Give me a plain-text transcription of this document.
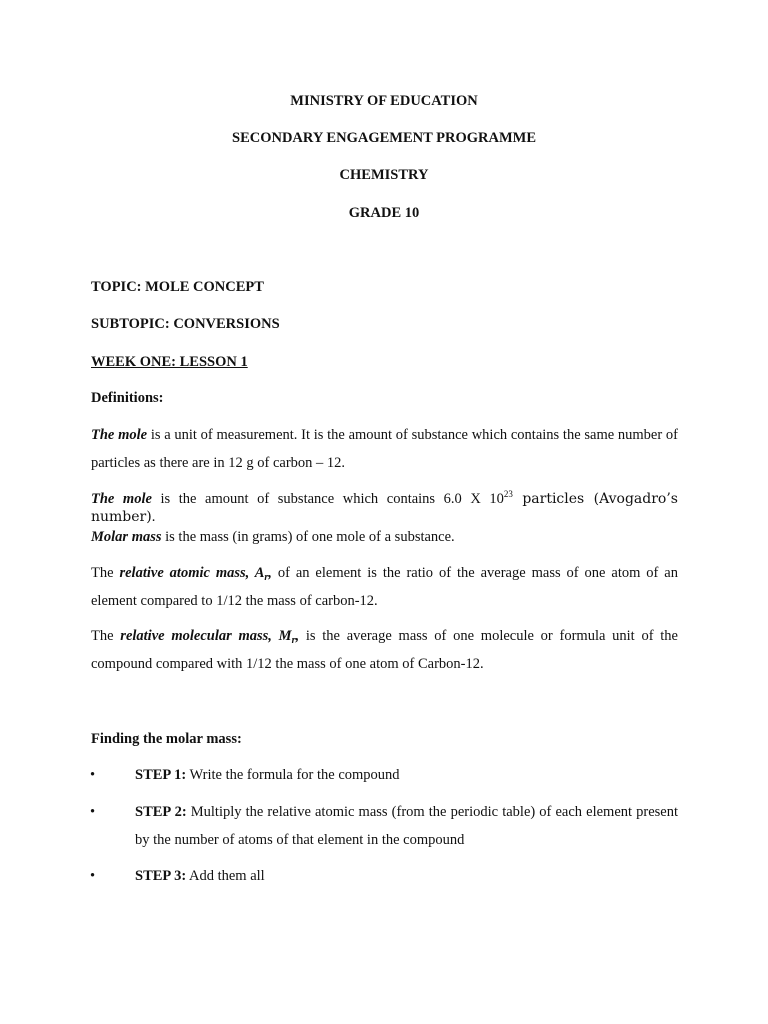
MINISTRY OF EDUCATION
SECONDARY ENGAGEMENT PROGRAMME
CHEMISTRY
GRADE 10
TOPIC: MOLE CONCEPT
SUBTOPIC: CONVERSIONS
WEEK ONE: LESSON 1
Definitions:
The mole is a unit of measurement. It is the amount of substance which contains the same number of particles as there are in 12 g of carbon – 12.
The mole is the amount of substance which contains 6.0 X $10^{23}$ particles (Avogadro’s number).
Molar mass is the mass (in grams) of one mole of a substance.
The relative atomic mass, $A_r$, of an element is the ratio of the average mass of one atom of an element compared to 1/12 the mass of carbon-12.
The relative molecular mass, $M_r$, is the average mass of one molecule or formula unit of the compound compared with 1/12 the mass of one atom of Carbon-12.
Finding the molar mass:
•	STEP 1: Write the formula for the compound
•	STEP 2: Multiply the relative atomic mass (from the periodic table) of each element present by the number of atoms of that element in the compound
•	STEP 3: Add them all
